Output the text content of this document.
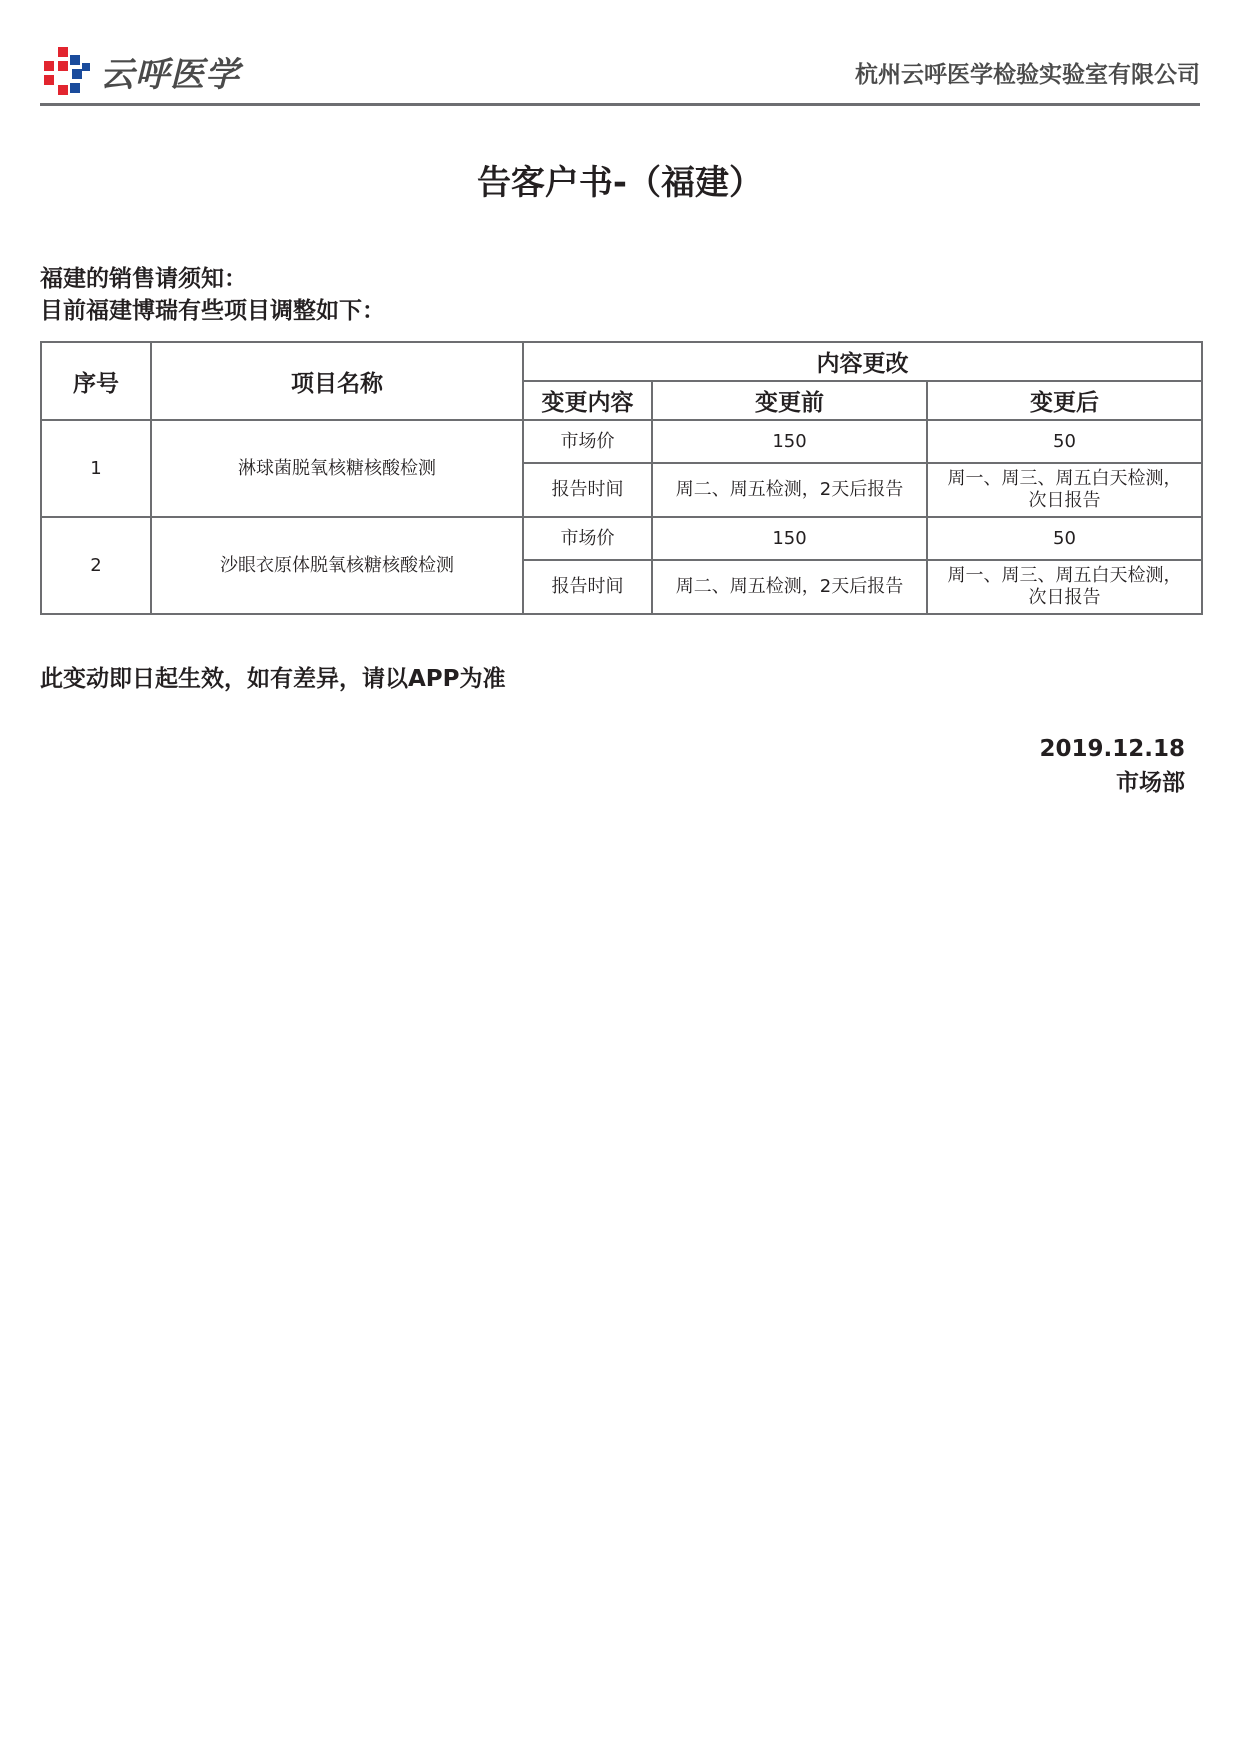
云呼医学	杭州云呼医学检验实验室有限公司
告客户书-（福建）
福建的销售请须知：
目前福建博瑞有些项目调整如下：
序号	项目名称	内容更改		
		变更内容	变更前	变更后
1	淋球菌脱氧核糖核酸检测	市场价	150	50
		报告时间	周二、周五检测，2天后报告	周一、周三、周五白天检测，
次日报告

2	沙眼衣原体脱氧核糖核酸检测	市场价	150	50
		报告时间	周二、周五检测，2天后报告	周一、周三、周五白天检测，
次日报告
此变动即日起生效，如有差异，请以APP为准
2019.12.18
市场部
